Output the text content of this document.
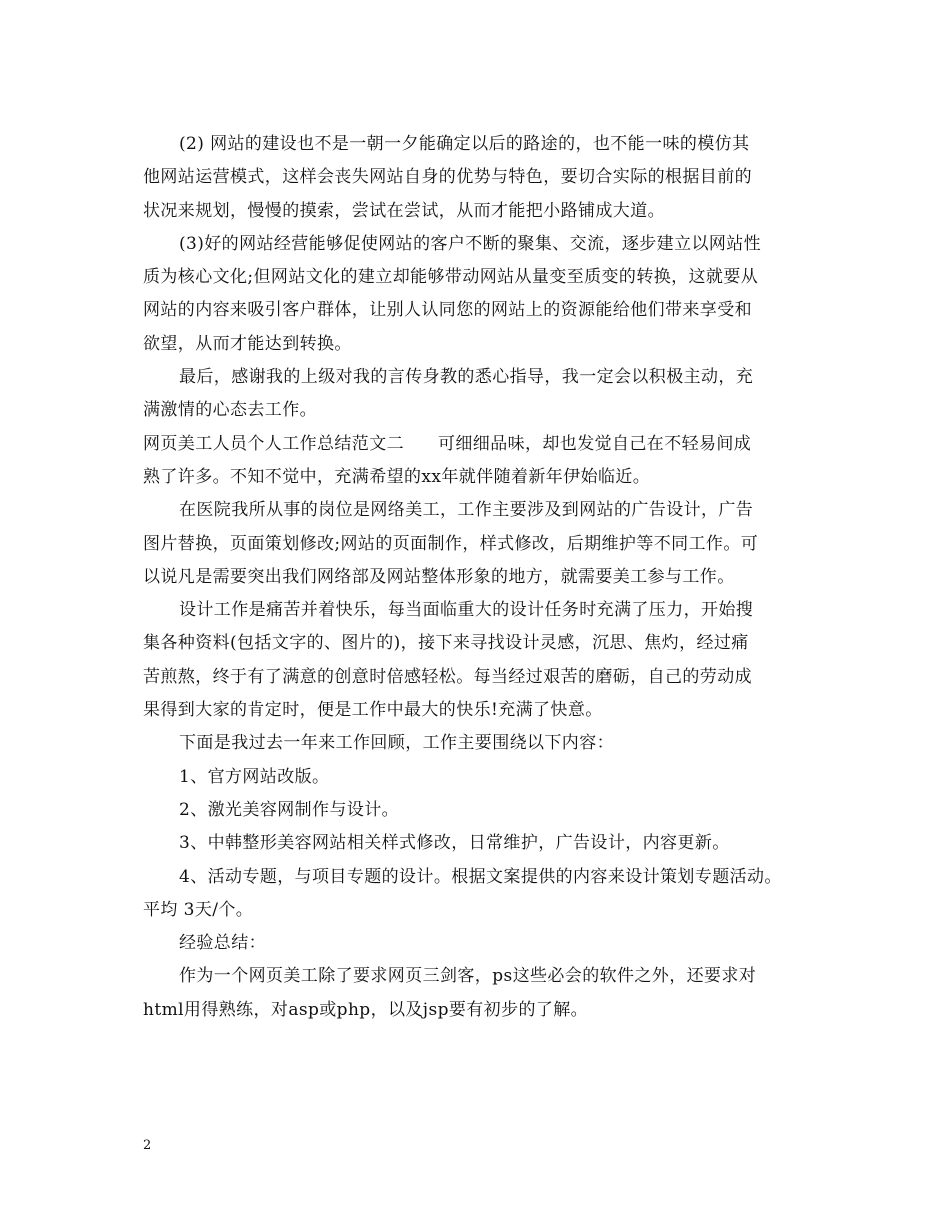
(2) 网站的建设也不是一朝一夕能确定以后的路途的，也不能一味的模仿其
他网站运营模式，这样会丧失网站自身的优势与特色，要切合实际的根据目前的
状况来规划，慢慢的摸索，尝试在尝试，从而才能把小路铺成大道。
(3)好的网站经营能够促使网站的客户不断的聚集、交流，逐步建立以网站性
质为核心文化;但网站文化的建立却能够带动网站从量变至质变的转换，这就要从
网站的内容来吸引客户群体，让别人认同您的网站上的资源能给他们带来享受和
欲望，从而才能达到转换。
最后，感谢我的上级对我的言传身教的悉心指导，我一定会以积极主动，充
满激情的心态去工作。
网页美工人员个人工作总结范文二 可细细品味，却也发觉自己在不轻易间成
熟了许多。不知不觉中，充满希望的xx年就伴随着新年伊始临近。
在医院我所从事的岗位是网络美工，工作主要涉及到网站的广告设计，广告
图片替换，页面策划修改;网站的页面制作，样式修改，后期维护等不同工作。可
以说凡是需要突出我们网络部及网站整体形象的地方，就需要美工参与工作。
设计工作是痛苦并着快乐，每当面临重大的设计任务时充满了压力，开始搜
集各种资料(包括文字的、图片的)，接下来寻找设计灵感，沉思、焦灼，经过痛
苦煎熬，终于有了满意的创意时倍感轻松。每当经过艰苦的磨砺，自己的劳动成
果得到大家的肯定时，便是工作中最大的快乐!充满了快意。
下面是我过去一年来工作回顾，工作主要围绕以下内容：
1、官方网站改版。
2、激光美容网制作与设计。
3、中韩整形美容网站相关样式修改，日常维护，广告设计，内容更新。
4、活动专题，与项目专题的设计。根据文案提供的内容来设计策划专题活动。
平均 3天/个。
经验总结：
作为一个网页美工除了要求网页三剑客，ps这些必会的软件之外，还要求对
html用得熟练，对asp或php，以及jsp要有初步的了解。
2
